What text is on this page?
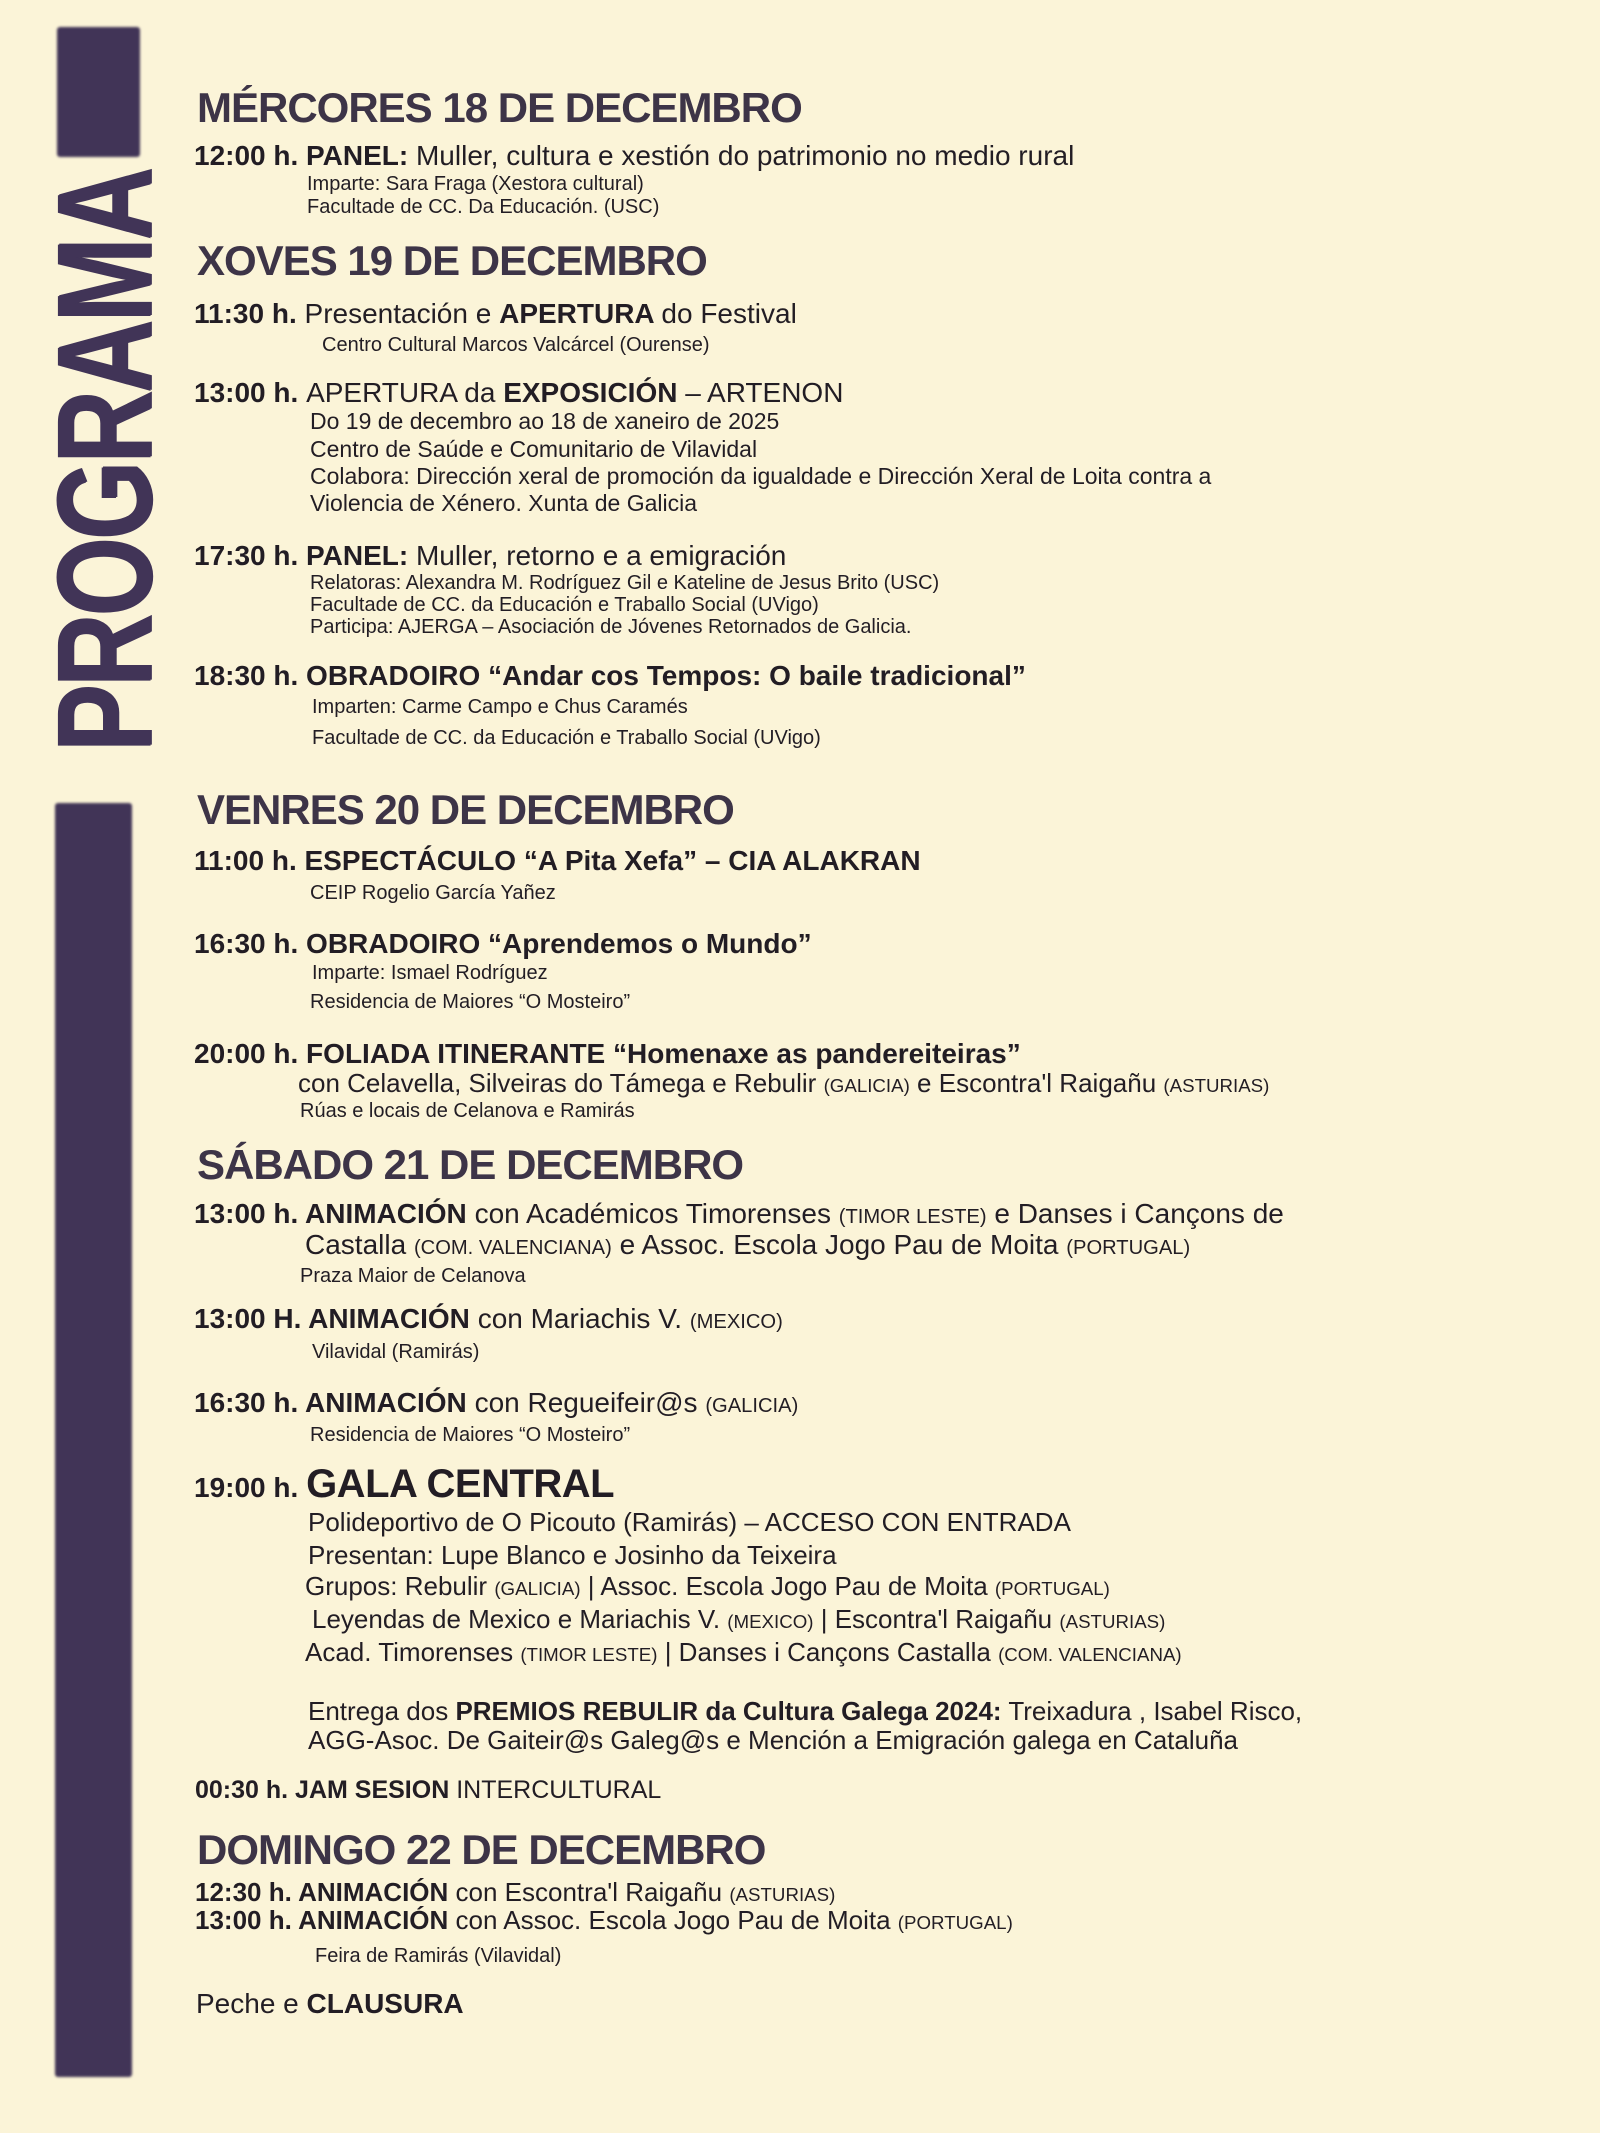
PROGRAMA
MÉRCORES 18 DE DECEMBRO
12:00 h. PANEL: Muller, cultura e xestión do patrimonio no medio rural
Imparte: Sara Fraga (Xestora cultural)
Facultade de CC. Da Educación. (USC)
XOVES 19 DE DECEMBRO
11:30 h. Presentación e APERTURA do Festival
Centro Cultural Marcos Valcárcel (Ourense)
13:00 h. APERTURA da EXPOSICIÓN – ARTENON
Do 19 de decembro ao 18 de xaneiro de 2025
Centro de Saúde e Comunitario de Vilavidal
Colabora: Dirección xeral de promoción da igualdade e Dirección Xeral de Loita contra a
Violencia de Xénero. Xunta de Galicia
17:30 h. PANEL: Muller, retorno e a emigración
Relatoras: Alexandra M. Rodríguez Gil e Kateline de Jesus Brito (USC)
Facultade de CC. da Educación e Traballo Social (UVigo)
Participa: AJERGA – Asociación de Jóvenes Retornados de Galicia.
18:30 h. OBRADOIRO “Andar cos Tempos: O baile tradicional”
Imparten: Carme Campo e Chus Caramés
Facultade de CC. da Educación e Traballo Social (UVigo)
VENRES 20 DE DECEMBRO
11:00 h. ESPECTÁCULO “A Pita Xefa” – CIA ALAKRAN
CEIP Rogelio García Yañez
16:30 h. OBRADOIRO “Aprendemos o Mundo”
Imparte: Ismael Rodríguez
Residencia de Maiores “O Mosteiro”
20:00 h. FOLIADA ITINERANTE “Homenaxe as pandereiteiras”
con Celavella, Silveiras do Támega e Rebulir (GALICIA) e Escontra'l Raigañu (ASTURIAS)
Rúas e locais de Celanova e Ramirás
SÁBADO 21 DE DECEMBRO
13:00 h. ANIMACIÓN con Académicos Timorenses (TIMOR LESTE) e Danses i Cançons de
Castalla (COM. VALENCIANA) e Assoc. Escola Jogo Pau de Moita (PORTUGAL)
Praza Maior de Celanova
13:00 H. ANIMACIÓN con Mariachis V. (MEXICO)
Vilavidal (Ramirás)
16:30 h. ANIMACIÓN con Regueifeir@s (GALICIA)
Residencia de Maiores “O Mosteiro”
19:00 h. GALA CENTRAL
Polideportivo de O Picouto (Ramirás) – ACCESO CON ENTRADA
Presentan: Lupe Blanco e Josinho da Teixeira
Grupos: Rebulir (GALICIA) | Assoc. Escola Jogo Pau de Moita (PORTUGAL)
Leyendas de Mexico e Mariachis V. (MEXICO) | Escontra'l Raigañu (ASTURIAS)
Acad. Timorenses (TIMOR LESTE) | Danses i Cançons Castalla (COM. VALENCIANA)
Entrega dos PREMIOS REBULIR da Cultura Galega 2024: Treixadura , Isabel Risco,
AGG-Asoc. De Gaiteir@s Galeg@s e Mención a Emigración galega en Cataluña
00:30 h. JAM SESION INTERCULTURAL
DOMINGO 22 DE DECEMBRO
12:30 h. ANIMACIÓN con Escontra'l Raigañu (ASTURIAS)
13:00 h. ANIMACIÓN con Assoc. Escola Jogo Pau de Moita (PORTUGAL)
Feira de Ramirás (Vilavidal)
Peche e CLAUSURA
